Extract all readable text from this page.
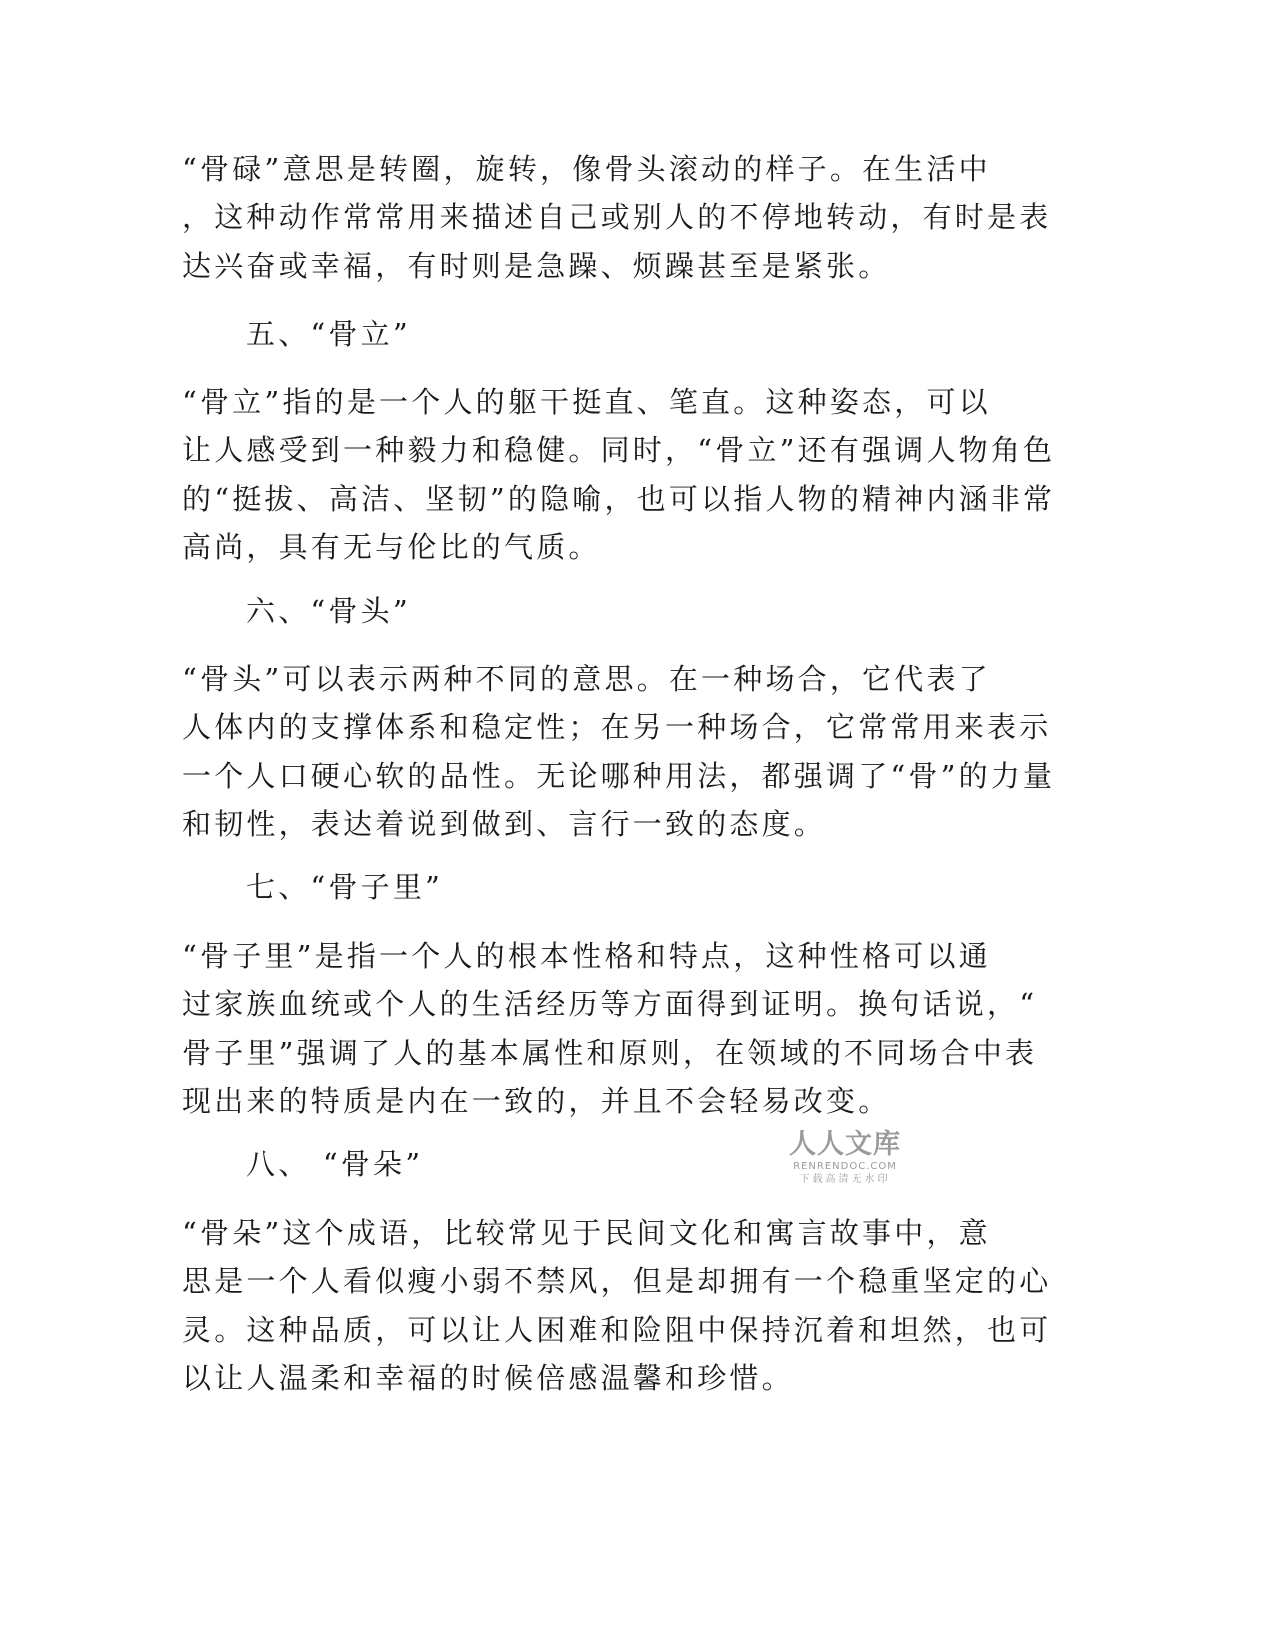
“骨碌”意思是转圈，旋转，像骨头滚动的样子。在生活中
，这种动作常常用来描述自己或别人的不停地转动，有时是表
达兴奋或幸福，有时则是急躁、烦躁甚至是紧张。
五、“骨立”
“骨立”指的是一个人的躯干挺直、笔直。这种姿态，可以
让人感受到一种毅力和稳健。同时，“骨立”还有强调人物角色
的“挺拔、高洁、坚韧”的隐喻，也可以指人物的精神内涵非常
高尚，具有无与伦比的气质。
六、“骨头”
“骨头”可以表示两种不同的意思。在一种场合，它代表了
人体内的支撑体系和稳定性；在另一种场合，它常常用来表示
一个人口硬心软的品性。无论哪种用法，都强调了“骨”的力量
和韧性，表达着说到做到、言行一致的态度。
七、“骨子里”
“骨子里”是指一个人的根本性格和特点，这种性格可以通
过家族血统或个人的生活经历等方面得到证明。换句话说，“
骨子里”强调了人的基本属性和原则，在领域的不同场合中表
现出来的特质是内在一致的，并且不会轻易改变。
八、 “骨朵”
“骨朵”这个成语，比较常见于民间文化和寓言故事中，意
思是一个人看似瘦小弱不禁风，但是却拥有一个稳重坚定的心
灵。这种品质，可以让人困难和险阻中保持沉着和坦然，也可
以让人温柔和幸福的时候倍感温馨和珍惜。
人人文库
RENRENDOC.COM
下载高清无水印
